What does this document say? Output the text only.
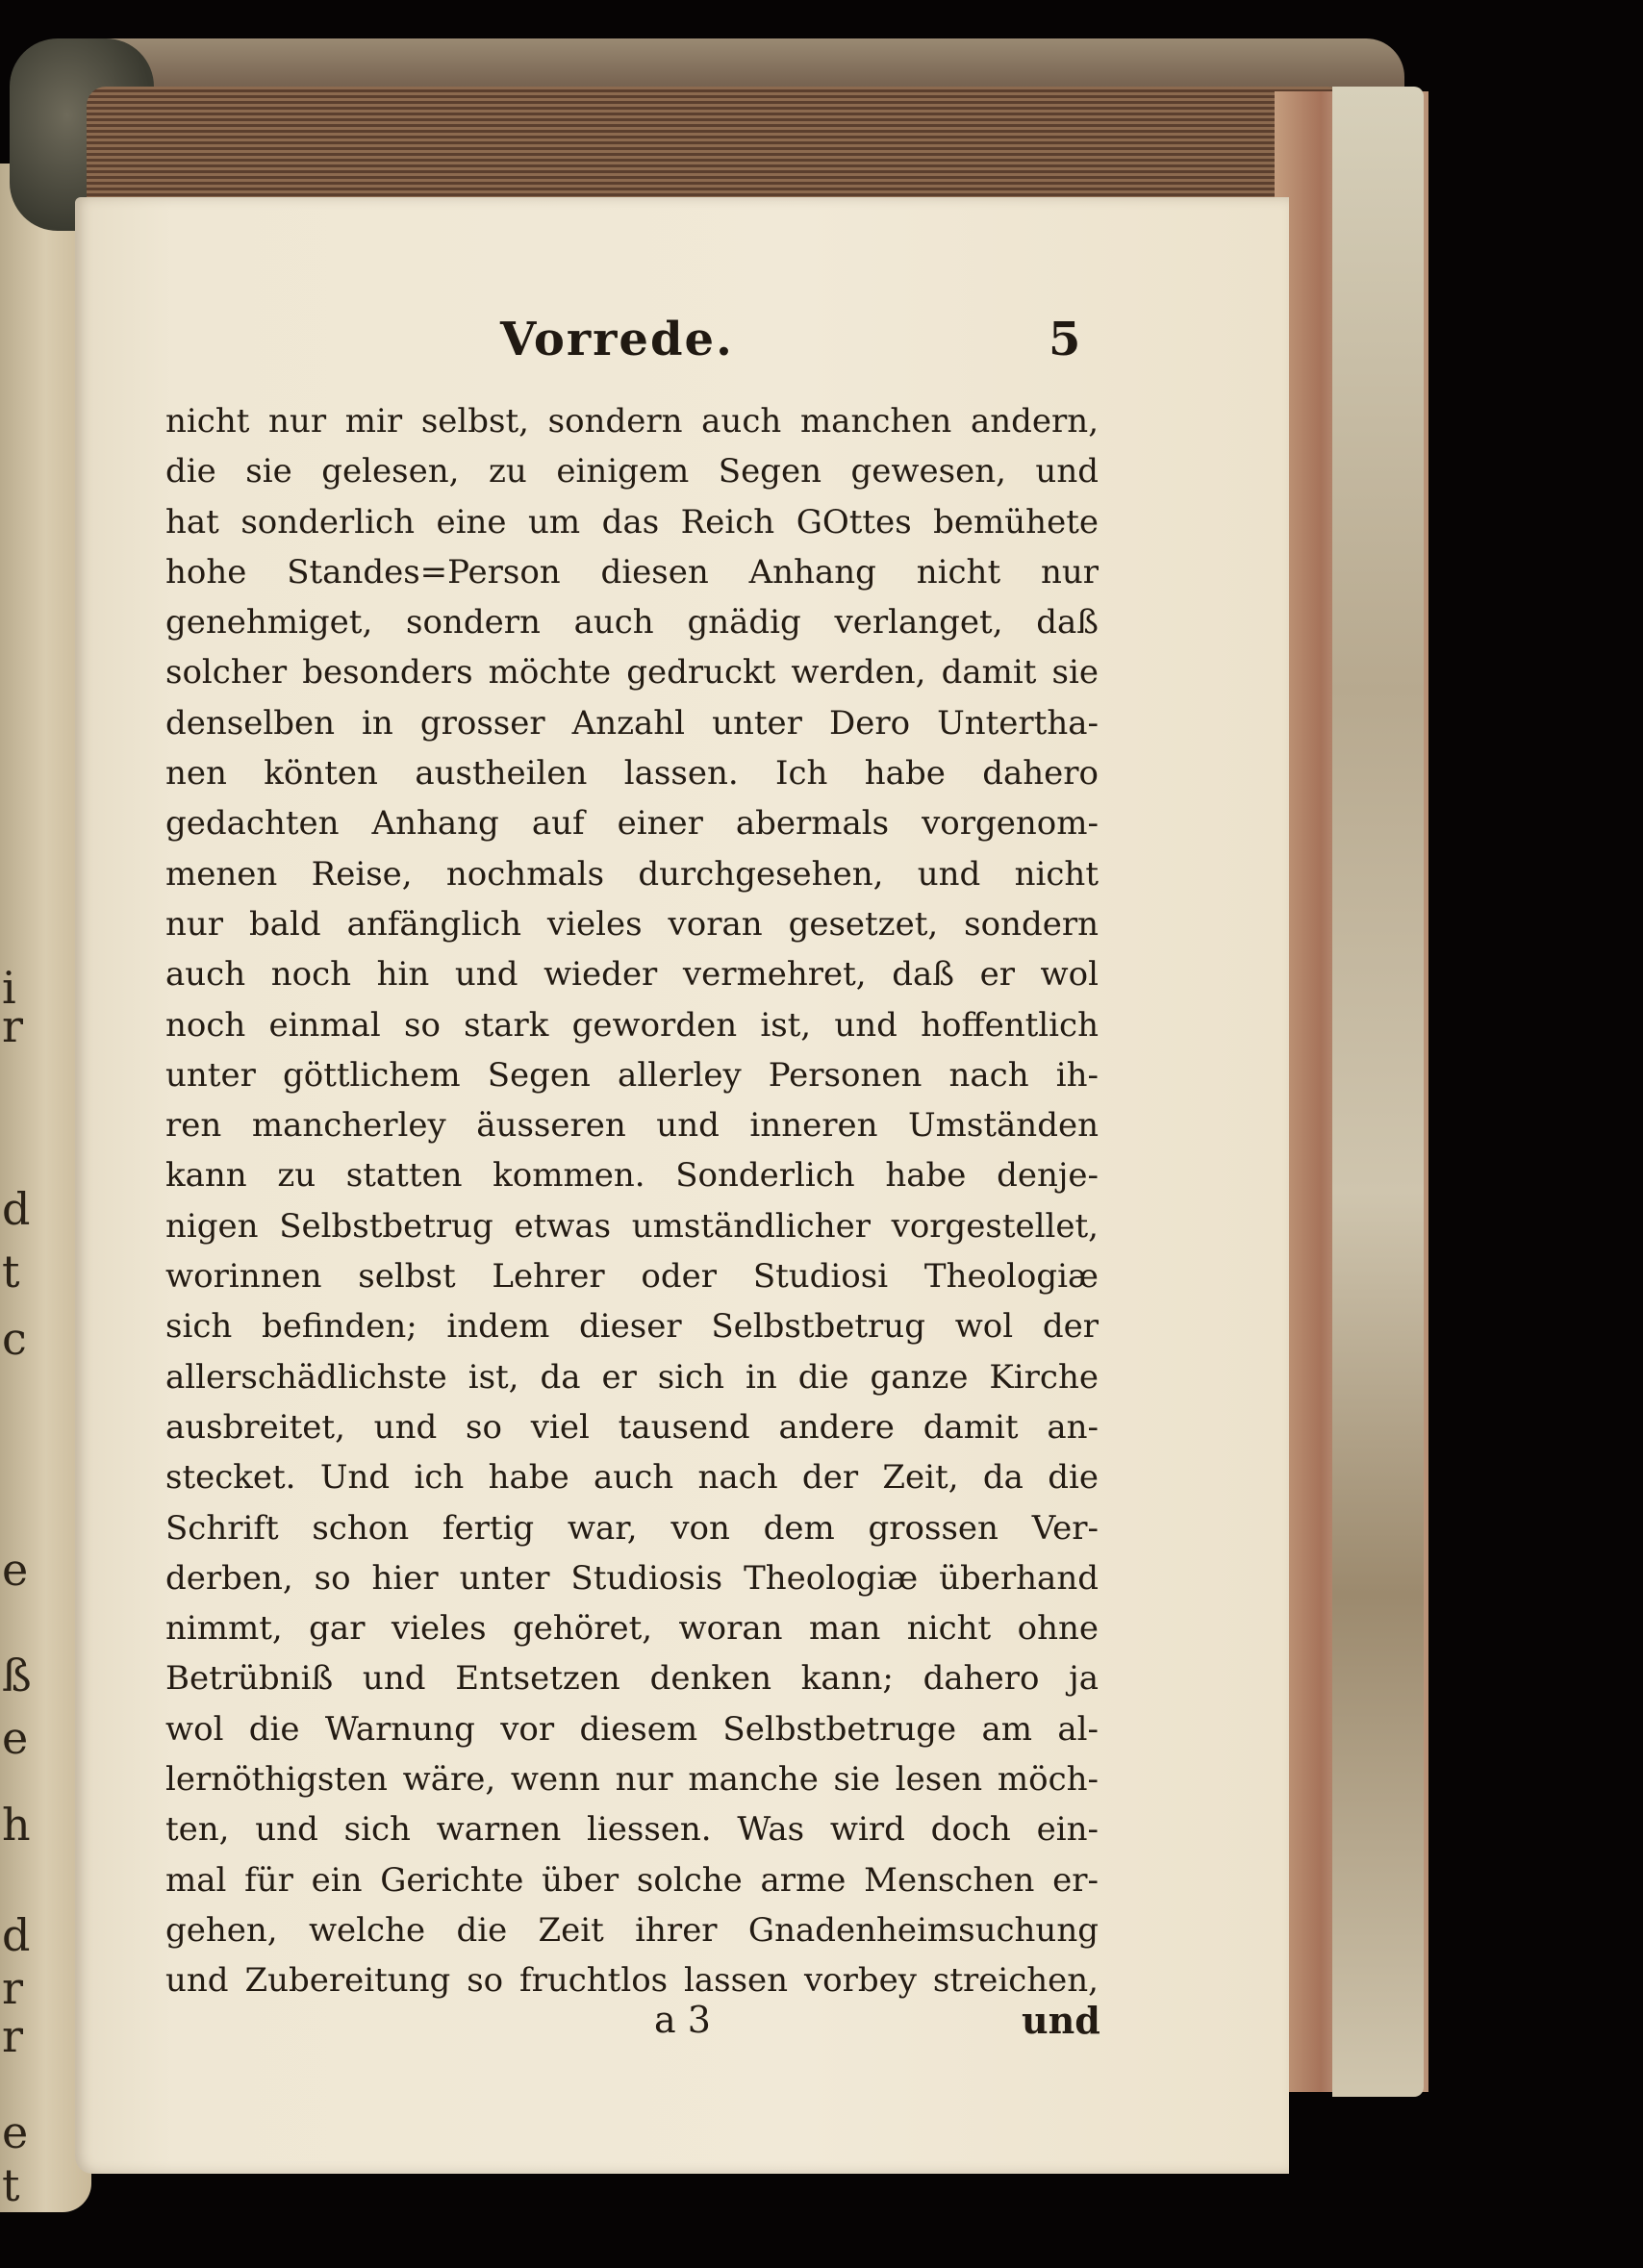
i
r
c
d
t
e
ß
e
h
d
r
r
e
t
Vorrede.	5
nicht nur mir selbst, sondern auch manchen andern,
die sie gelesen, zu einigem Segen gewesen, und
hat sonderlich eine um das Reich GOttes bemühete
hohe Standes=Person diesen Anhang nicht nur
genehmiget, sondern auch gnädig verlanget, daß
solcher besonders möchte gedruckt werden, damit sie
denselben in grosser Anzahl unter Dero Untertha-
nen könten austheilen lassen. Ich habe dahero
gedachten Anhang auf einer abermals vorgenom-
menen Reise, nochmals durchgesehen, und nicht
nur bald anfänglich vieles voran gesetzet, sondern
auch noch hin und wieder vermehret, daß er wol
noch einmal so stark geworden ist, und hoffentlich
unter göttlichem Segen allerley Personen nach ih-
ren mancherley äusseren und inneren Umständen
kann zu statten kommen. Sonderlich habe denje-
nigen Selbstbetrug etwas umständlicher vorgestellet,
worinnen selbst Lehrer oder Studiosi Theologiæ
sich befinden; indem dieser Selbstbetrug wol der
allerschädlichste ist, da er sich in die ganze Kirche
ausbreitet, und so viel tausend andere damit an-
stecket. Und ich habe auch nach der Zeit, da die
Schrift schon fertig war, von dem grossen Ver-
derben, so hier unter Studiosis Theologiæ überhand
nimmt, gar vieles gehöret, woran man nicht ohne
Betrübniß und Entsetzen denken kann; dahero ja
wol die Warnung vor diesem Selbstbetruge am al-
lernöthigsten wäre, wenn nur manche sie lesen möch-
ten, und sich warnen liessen. Was wird doch ein-
mal für ein Gerichte über solche arme Menschen er-
gehen, welche die Zeit ihrer Gnadenheimsuchung
und Zubereitung so fruchtlos lassen vorbey streichen,
a 3	und
